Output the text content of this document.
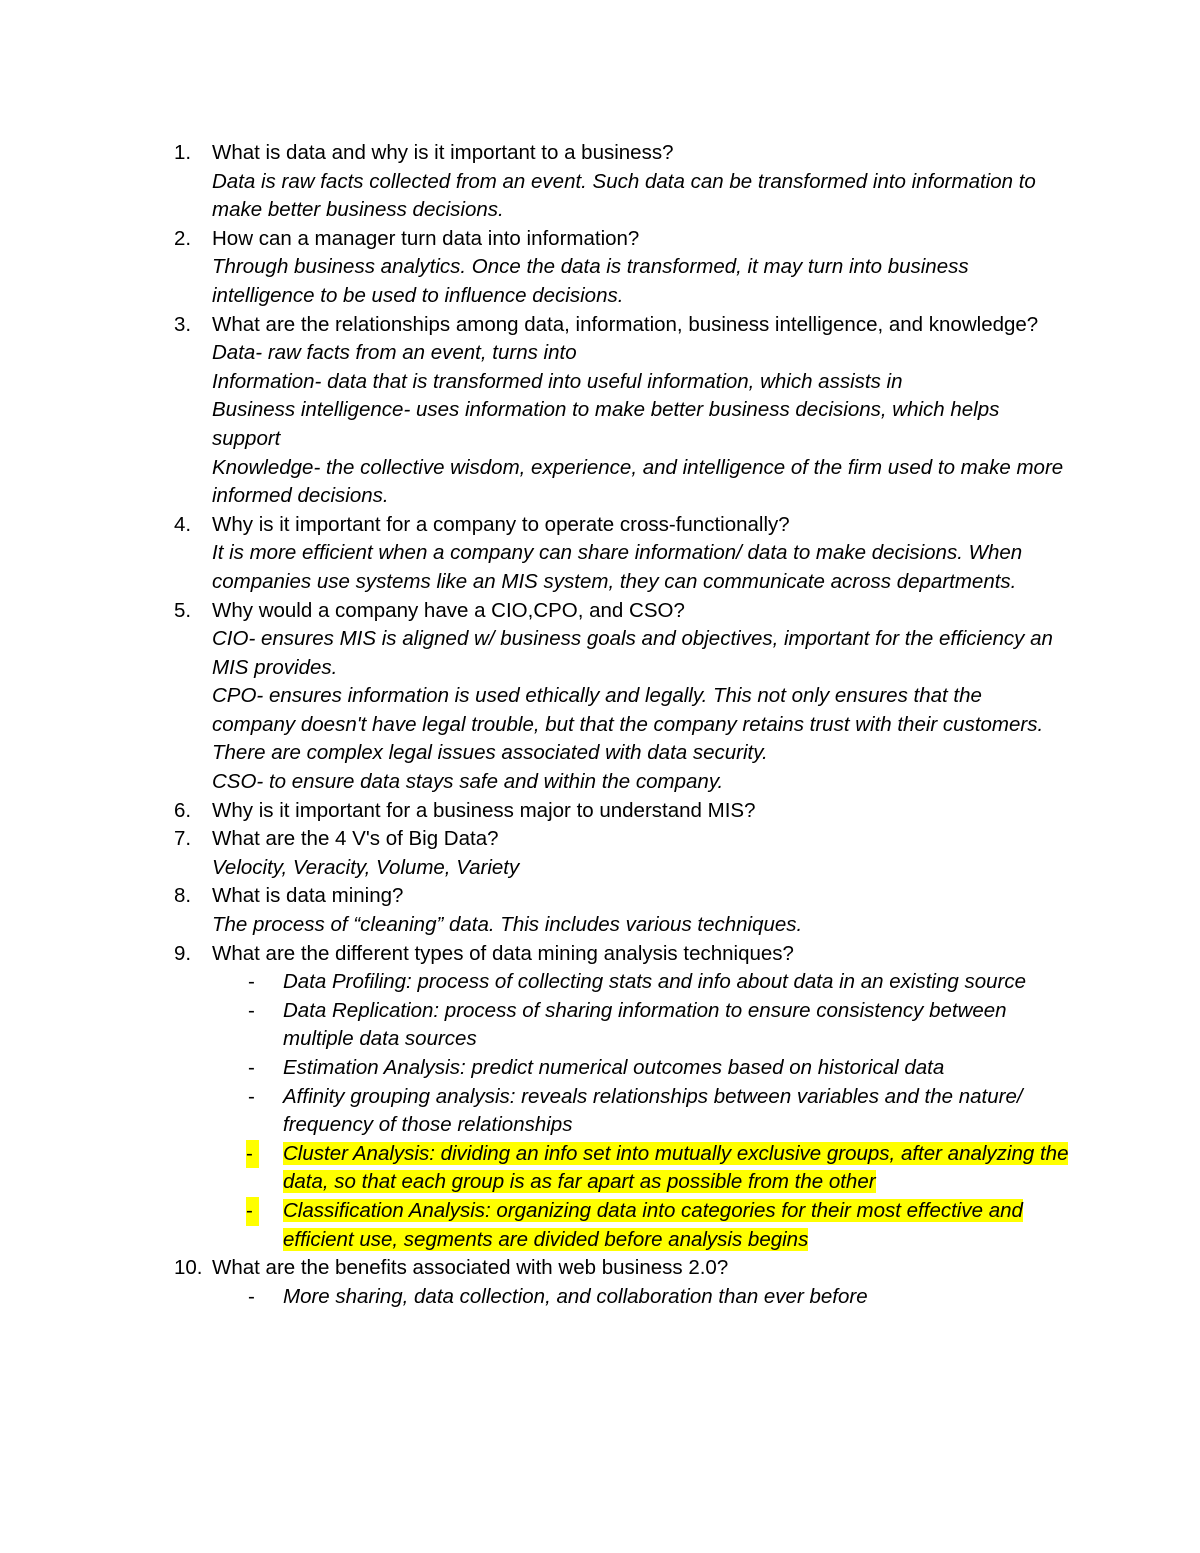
1. What is data and why is it important to a business?
Data is raw facts collected from an event. Such data can be transformed into information to make better business decisions.
2. How can a manager turn data into information?
Through business analytics. Once the data is transformed, it may turn into business intelligence to be used to influence decisions.
3. What are the relationships among data, information, business intelligence, and knowledge?
Data- raw facts from an event, turns into
Information- data that is transformed into useful information, which assists in
Business intelligence- uses information to make better business decisions, which helps support
Knowledge- the collective wisdom, experience, and intelligence of the firm used to make more informed decisions.
4. Why is it important for a company to operate cross-functionally?
It is more efficient when a company can share information/ data to make decisions. When companies use systems like an MIS system, they can communicate across departments.
5. Why would a company have a CIO,CPO, and CSO?
CIO- ensures MIS is aligned w/ business goals and objectives, important for the efficiency an MIS provides.
CPO- ensures information is used ethically and legally. This not only ensures that the company doesn't have legal trouble, but that the company retains trust with their customers. There are complex legal issues associated with data security.
CSO- to ensure data stays safe and within the company.
6. Why is it important for a business major to understand MIS?
7. What are the 4 V's of Big Data?
Velocity, Veracity, Volume, Variety
8. What is data mining?
The process of “cleaning” data. This includes various techniques.
9. What are the different types of data mining analysis techniques?
- Data Profiling: process of collecting stats and info about data in an existing source
- Data Replication: process of sharing information to ensure consistency between multiple data sources
- Estimation Analysis: predict numerical outcomes based on historical data
- Affinity grouping analysis: reveals relationships between variables and the nature/ frequency of those relationships
- Cluster Analysis: dividing an info set into mutually exclusive groups, after analyzing the data, so that each group is as far apart as possible from the other
- Classification Analysis: organizing data into categories for their most effective and efficient use, segments are divided before analysis begins
10. What are the benefits associated with web business 2.0?
- More sharing, data collection, and collaboration than ever before
